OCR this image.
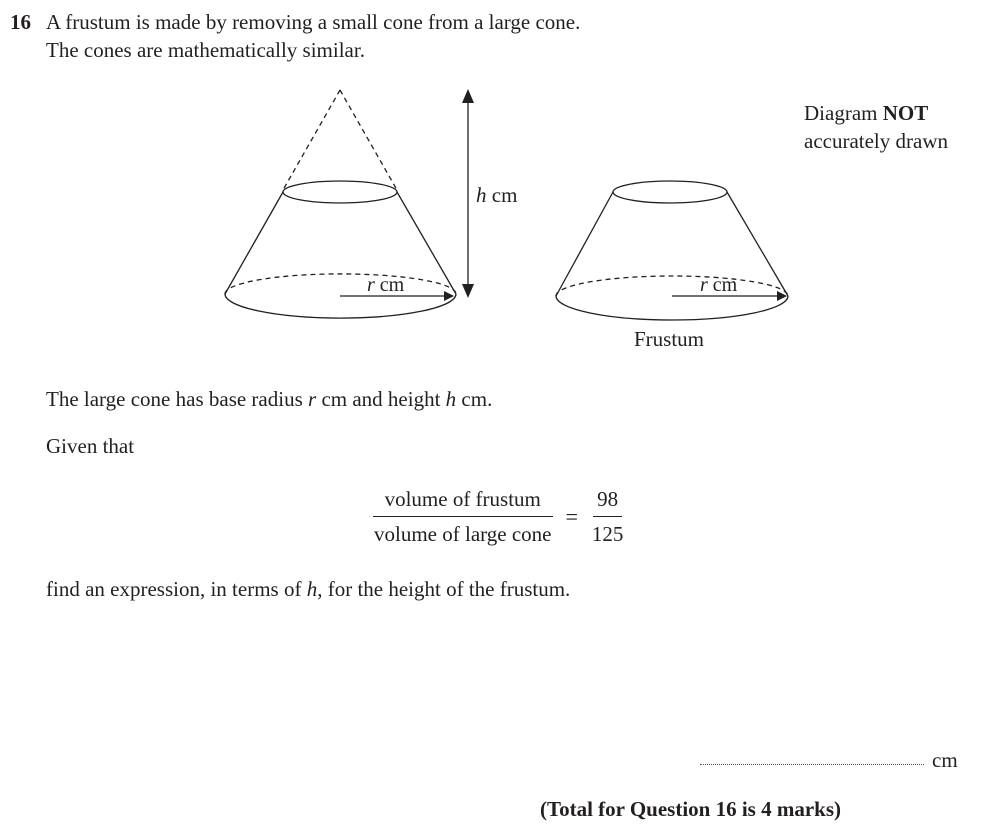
16 A frustum is made by removing a small cone from a large cone.
The cones are mathematically similar.
h cm
r cm	r cm
Frustum
Diagram NOT
accurately drawn
The large cone has base radius r cm and height h cm.
Given that
$\frac{\text{volume of frustum}}{\text{volume of large cone}} = \frac{98}{125}$
find an expression, in terms of h, for the height of the frustum.
cm
(Total for Question 16 is 4 marks)
